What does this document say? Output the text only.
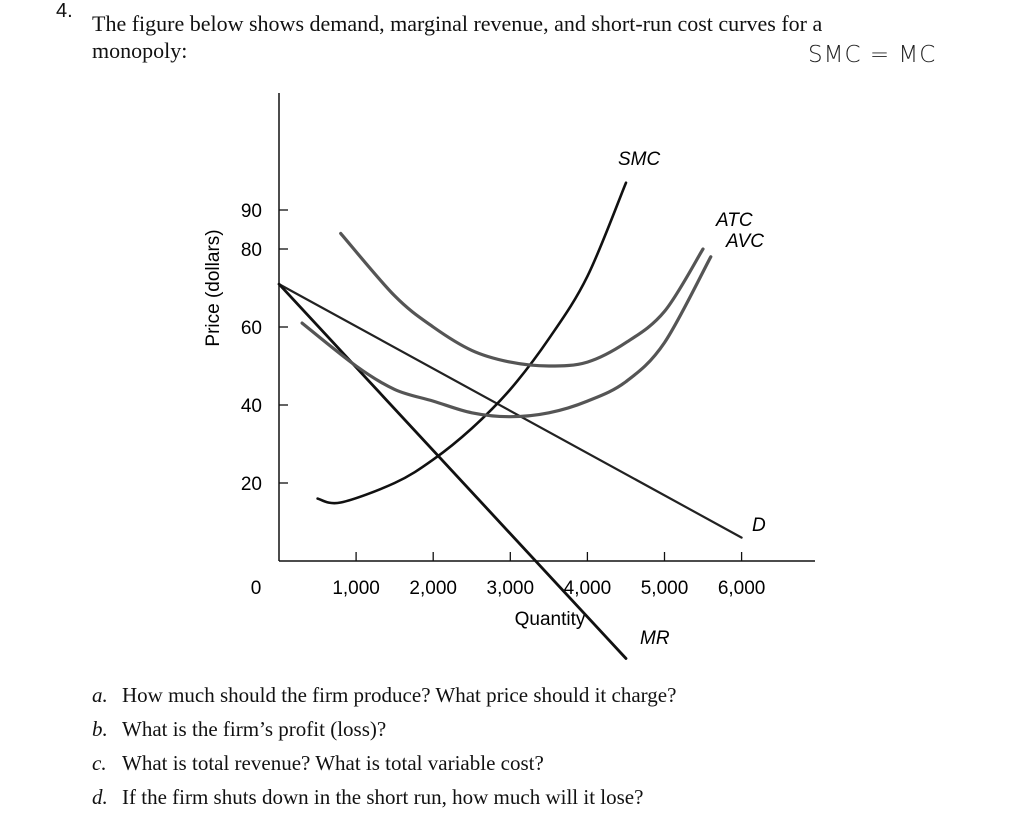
4. The figure below shows demand, marginal revenue, and short-run cost curves for a
monopoly:	SMC = MC
Price (dollars)
Quantity
0
20
40
60
80
90
1,000 2,000 3,000 4,000 5,000 6,000
D
MR
SMC
ATC
AVC
a. How much should the firm produce? What price should it charge?
b. What is the firm’s profit (loss)?
c. What is total revenue? What is total variable cost?
d. If the firm shuts down in the short run, how much will it lose?
